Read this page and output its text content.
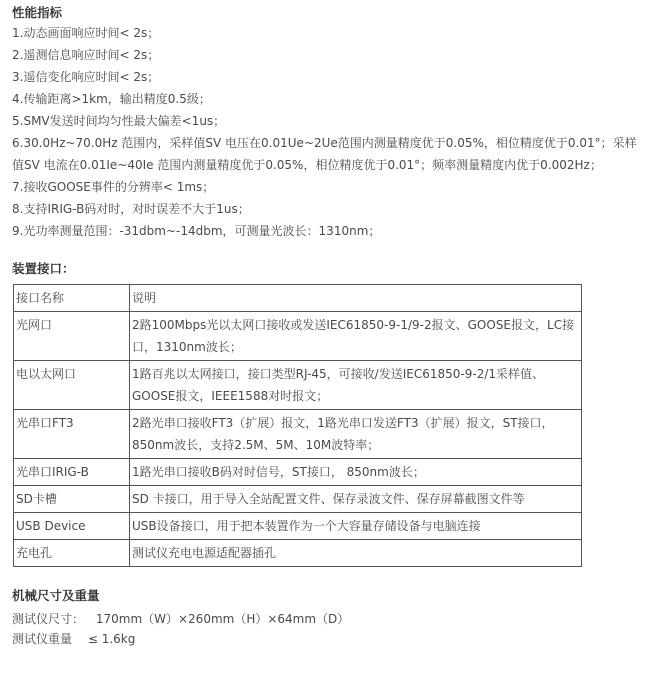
性能指标
1.动态画面响应时间< 2s；
2.遥测信息响应时间< 2s；
3.遥信变化响应时间< 2s；
4.传输距离>1km，输出精度0.5级；
5.SMV发送时间均匀性最大偏差<1us；
6.30.0Hz~70.0Hz 范围内，采样值SV 电压在0.01Ue~2Ue范围内测量精度优于0.05%，相位精度优于0.01°；采样值SV 电流在0.01Ie~40Ie 范围内测量精度优于0.05%，相位精度优于0.01°；频率测量精度内优于0.002Hz；
7.接收GOOSE事件的分辨率< 1ms；
8.支持IRIG-B码对时，对时误差不大于1us；
9.光功率测量范围：-31dbm~-14dbm，可测量光波长：1310nm；
装置接口：
接口名称	说明
光网口	2路100Mbps光以太网口接收或发送IEC61850-9-1/9-2报文、GOOSE报文，LC接口，1310nm波长；
电以太网口	1路百兆以太网接口，接口类型RJ-45，可接收/发送IEC61850-9-2/1采样值、GOOSE报文，IEEE1588对时报文；
光串口FT3	2路光串口接收FT3（扩展）报文，1路光串口发送FT3（扩展）报文，ST接口，850nm波长，支持2.5M、5M、10M波特率；
光串口IRIG-B	1路光串口接收B码对时信号，ST接口， 850nm波长；
SD卡槽	SD 卡接口，用于导入全站配置文件、保存录波文件、保存屏幕截图文件等
USB Device	USB设备接口，用于把本装置作为一个大容量存储设备与电脑连接
充电孔	测试仪充电电源适配器插孔
机械尺寸及重量
测试仪尺寸： 170mm（W）×260mm（H）×64mm（D）
测试仪重量 ≤ 1.6kg
